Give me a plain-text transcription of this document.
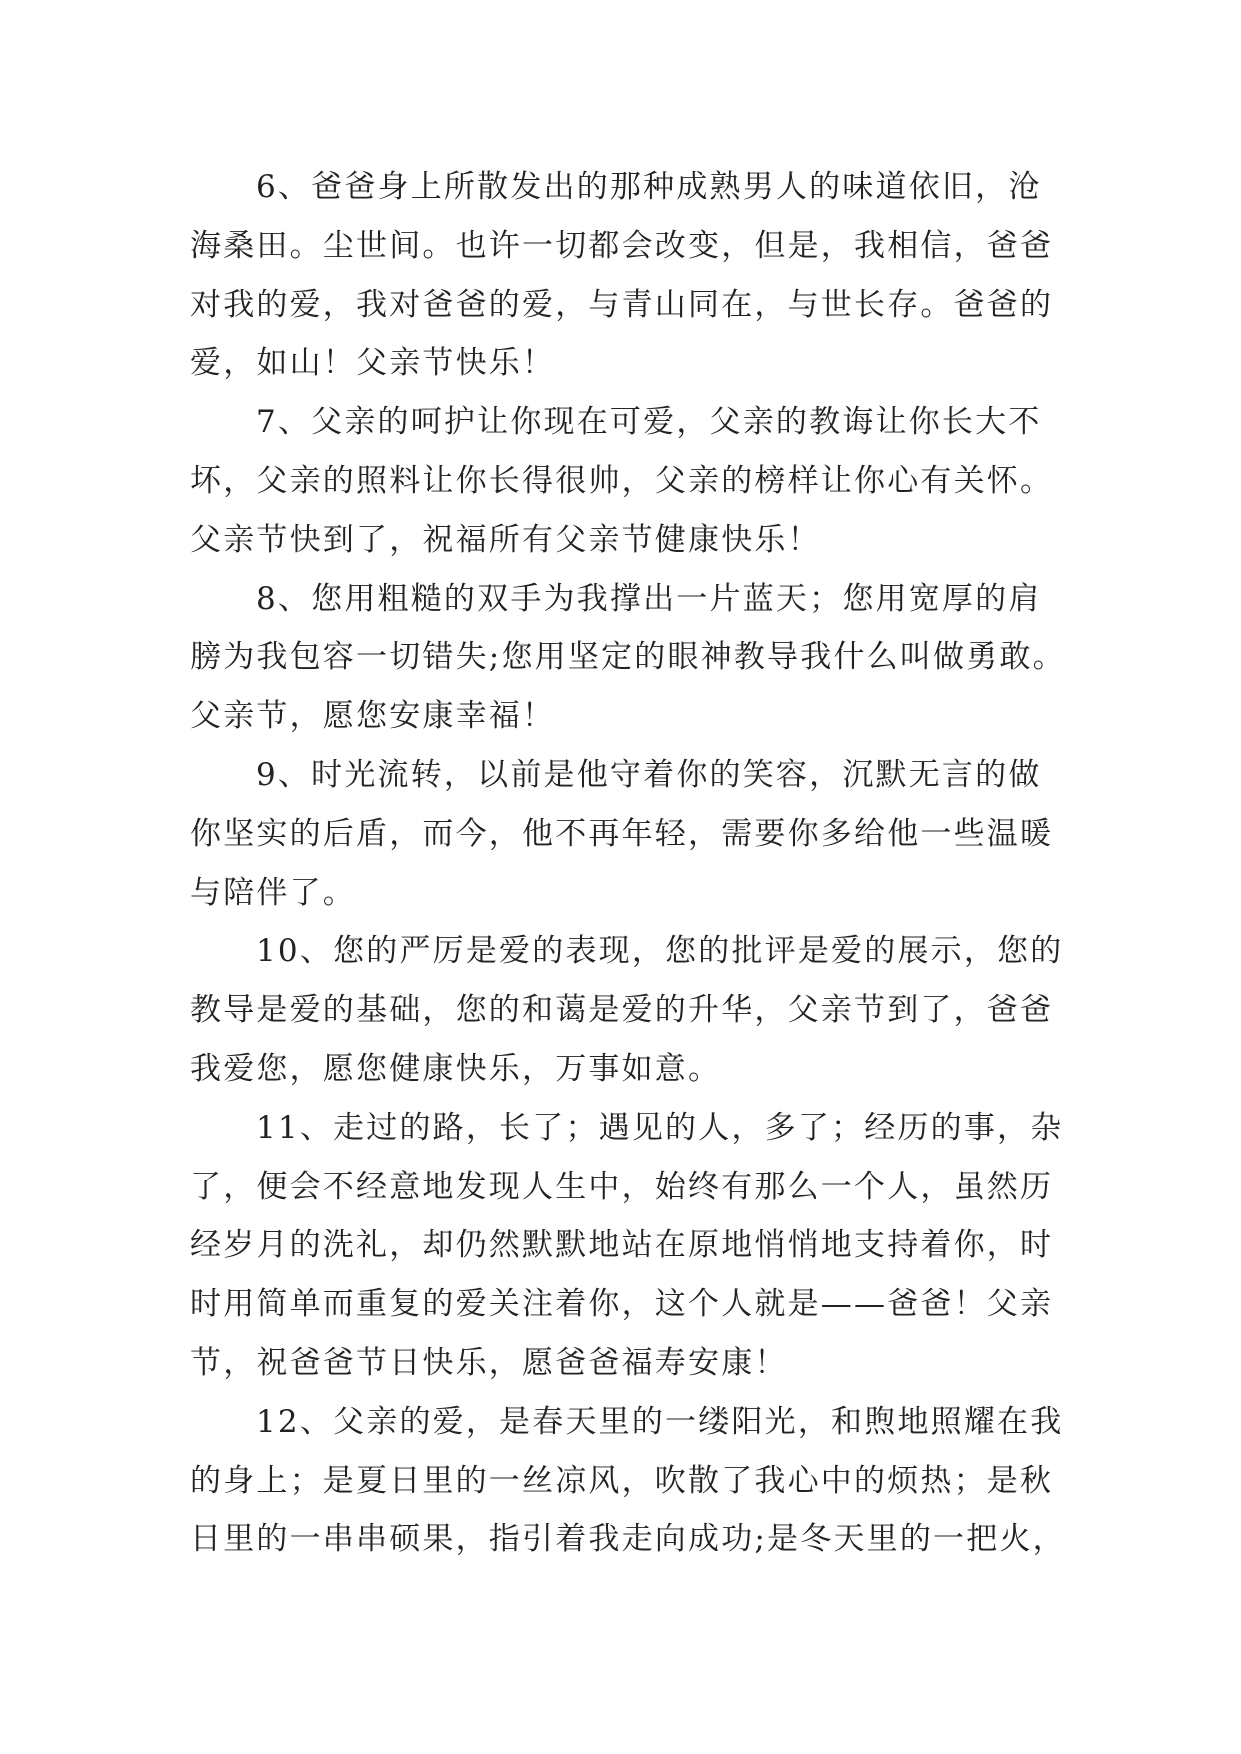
6、爸爸身上所散发出的那种成熟男人的味道依旧，沧
海桑田。尘世间。也许一切都会改变，但是，我相信，爸爸
对我的爱，我对爸爸的爱，与青山同在，与世长存。爸爸的
爱，如山！父亲节快乐！

7、父亲的呵护让你现在可爱，父亲的教诲让你长大不
坏，父亲的照料让你长得很帅，父亲的榜样让你心有关怀。
父亲节快到了，祝福所有父亲节健康快乐！

8、您用粗糙的双手为我撑出一片蓝天；您用宽厚的肩
膀为我包容一切错失;您用坚定的眼神教导我什么叫做勇敢。
父亲节，愿您安康幸福！

9、时光流转，以前是他守着你的笑容，沉默无言的做
你坚实的后盾，而今，他不再年轻，需要你多给他一些温暖
与陪伴了。

10、您的严厉是爱的表现，您的批评是爱的展示，您的
教导是爱的基础，您的和蔼是爱的升华，父亲节到了，爸爸
我爱您，愿您健康快乐，万事如意。

11、走过的路，长了；遇见的人，多了；经历的事，杂
了，便会不经意地发现人生中，始终有那么一个人，虽然历
经岁月的洗礼，却仍然默默地站在原地悄悄地支持着你，时
时用简单而重复的爱关注着你，这个人就是——爸爸！父亲
节，祝爸爸节日快乐，愿爸爸福寿安康！

12、父亲的爱，是春天里的一缕阳光，和煦地照耀在我
的身上；是夏日里的一丝凉风，吹散了我心中的烦热；是秋
日里的一串串硕果，指引着我走向成功;是冬天里的一把火，
